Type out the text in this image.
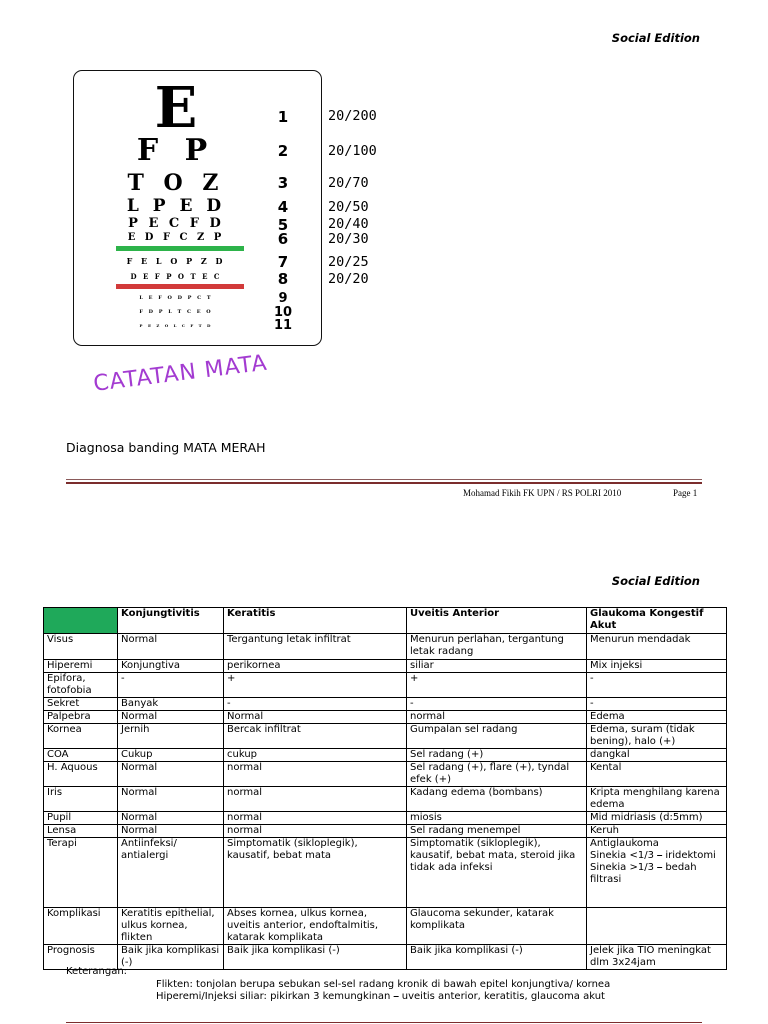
Social Edition
E	1	20/200
F P	2	20/100
T O Z	3	20/70
L P E D	4	20/50
P E C F D	5	20/40
E D F C Z P	6	20/30
F E L O P Z D	7	20/25
D E F P O T E C	8	20/20
L E F O D P C T	9
F D P L T C E O	10
P E Z O L C F T D	11
CATATAN MATA
Diagnosa banding MATA MERAH
Mohamad Fikih FK UPN / RS POLRI 2010	Page 1
Social Edition
	Konjungtivitis	Keratitis	Uveitis Anterior	Glaukoma Kongestif Akut
Visus	Normal	Tergantung letak infiltrat	Menurun perlahan, tergantung letak radang	Menurun mendadak
Hiperemi	Konjungtiva	perikornea	siliar	Mix injeksi
Epifora, fotofobia	-	+	+	-
Sekret	Banyak	-	-	-
Palpebra	Normal	Normal	normal	Edema
Kornea	Jernih	Bercak infiltrat	Gumpalan sel radang	Edema, suram (tidak bening), halo (+)
COA	Cukup	cukup	Sel radang (+)	dangkal
H. Aquous	Normal	normal	Sel radang (+), flare (+), tyndal efek (+)	Kental
Iris	Normal	normal	Kadang edema (bombans)	Kripta menghilang karena edema
Pupil	Normal	normal	miosis	Mid midriasis (d:5mm)
Lensa	Normal	normal	Sel radang menempel	Keruh
Terapi	Antiinfeksi/ antialergi	Simptomatik (sikloplegik), kausatif, bebat mata	Simptomatik (sikloplegik), kausatif, bebat mata, steroid jika tidak ada infeksi	Antiglaukoma
Sinekia <1/3 ⎯ iridektomi
Sinekia >1/3 ⎯ bedah filtrasi
Komplikasi	Keratitis epithelial, ulkus kornea, flikten	Abses kornea, ulkus kornea, uveitis anterior, endoftalmitis, katarak komplikata	Glaucoma sekunder, katarak komplikata	
Prognosis	Baik jika komplikasi (-)	Baik jika komplikasi (-)	Baik jika komplikasi (-)	Jelek jika TIO meningkat dlm 3x24jam
Keterangan:
Flikten: tonjolan berupa sebukan sel-sel radang kronik di bawah epitel konjungtiva/ kornea
Hiperemi/Injeksi siliar: pikirkan 3 kemungkinan ⎯ uveitis anterior, keratitis, glaucoma akut
